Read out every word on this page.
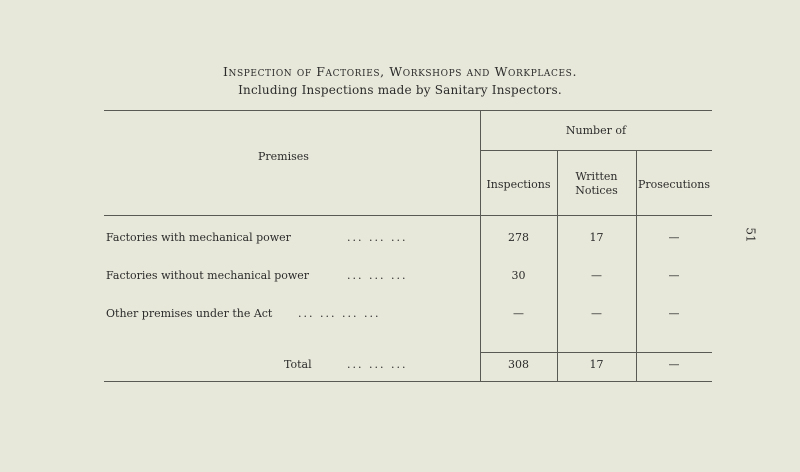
Inspection of Factories, Workshops and Workplaces.
Including Inspections made by Sanitary Inspectors.
Premises
Number of
Inspections
Written Notices	Prosecutions
Factories with mechanical power	... ... ...	278	17	—
Factories without mechanical power	... ... ...	30	—	—
Other premises under the Act ... ... ... ...	—	—	—
Total	... ... ...	308	17	—
51
